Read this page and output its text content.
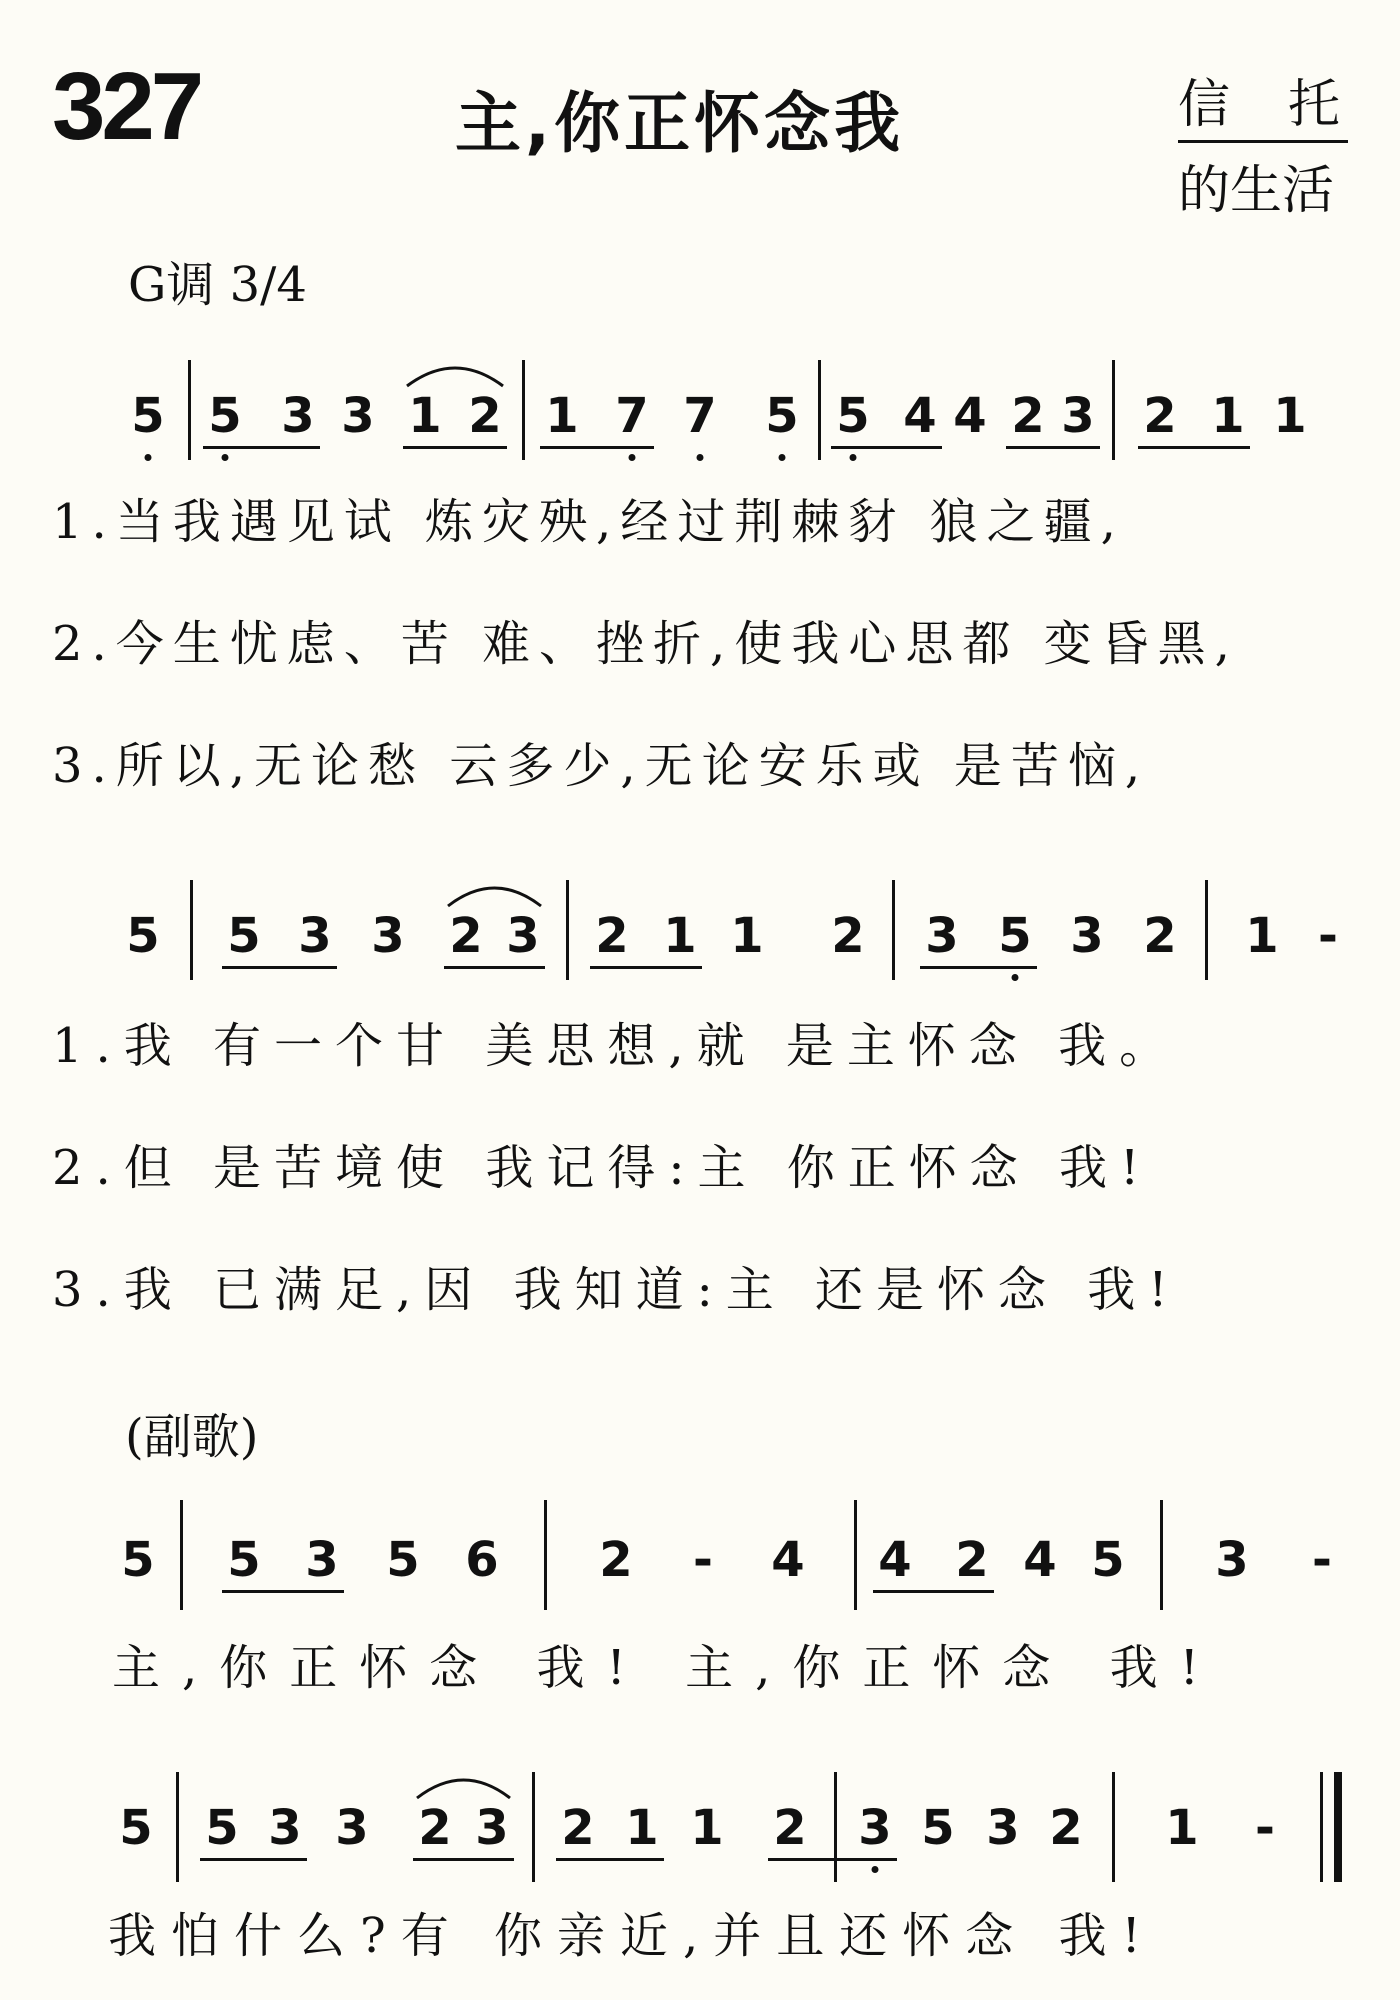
327	主,你正怀念我	信托
的生活
G调 3/4
5 5 3 3 1 2 1 7 7 5 5 4 4 2 3 2 1 1
5 5 3 3 2 3 2 1 1 2 3 5 3 2 1 -
5 5 3 5 6 2 - 4 4 2 4 5 3 -
5 5 3 3 2 3 2 1 1 2 3 5 3 2 1 -
1.当我遇见试 炼灾殃,经过荆棘豺 狼之疆,
2.今生忧虑、苦 难、挫折,使我心思都 变昏黑,
3.所以,无论愁 云多少,无论安乐或 是苦恼,
1.我 有一个甘 美思想,就 是主怀念 我。
2.但 是苦境使 我记得:主 你正怀念 我!
3.我 已满足,因 我知道:主 还是怀念 我!
(副歌)
主,你正怀念 我! 主,你正怀念 我!
我怕什么?有 你亲近,并且还怀念 我!
